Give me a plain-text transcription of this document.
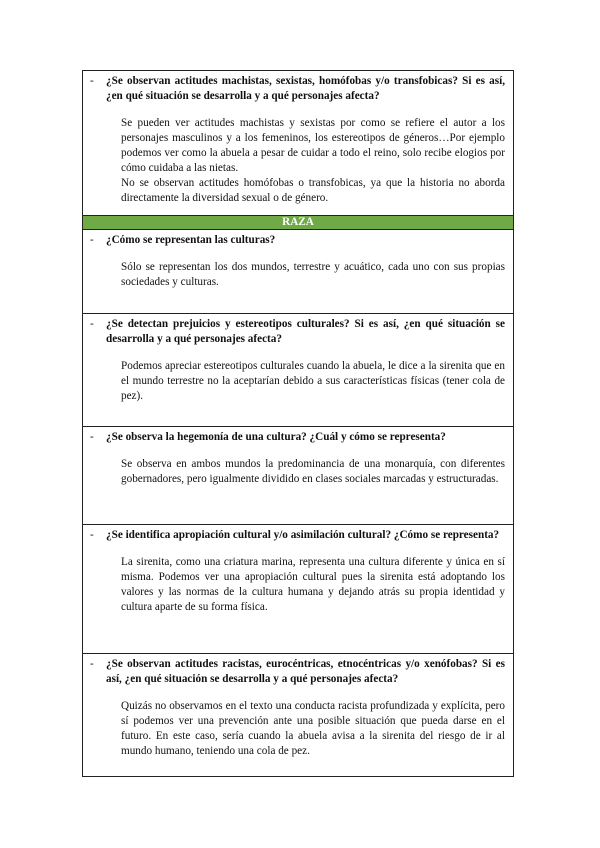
-	¿Se observan actitudes machistas, sexistas, homófobas y/o transfobicas? Si es así, ¿en qué situación se desarrolla y a qué personajes afecta?

Se pueden ver actitudes machistas y sexistas por como se refiere el autor a los personajes masculinos y a los femeninos, los estereotipos de géneros…Por ejemplo podemos ver como la abuela a pesar de cuidar a todo el reino, solo recibe elogios por cómo cuidaba a las nietas.

No se observan actitudes homófobas o transfobicas, ya que la historia no aborda directamente la diversidad sexual o de género.

RAZA
-	¿Cómo se representan las culturas?

Sólo se representan los dos mundos, terrestre y acuático, cada uno con sus propias sociedades y culturas.

-	¿Se detectan prejuicios y estereotipos culturales? Si es así, ¿en qué situación se desarrolla y a qué personajes afecta?

Podemos apreciar estereotipos culturales cuando la abuela, le dice a la sirenita que en el mundo terrestre no la aceptarían debido a sus características físicas (tener cola de pez).

-	¿Se observa la hegemonía de una cultura? ¿Cuál y cómo se representa?

Se observa en ambos mundos la predominancia de una monarquía, con diferentes gobernadores, pero igualmente dividido en clases sociales marcadas y estructuradas.

-	¿Se identifica apropiación cultural y/o asimilación cultural? ¿Cómo se representa?

La sirenita, como una criatura marina, representa una cultura diferente y única en sí misma. Podemos ver una apropiación cultural pues la sirenita está adoptando los valores y las normas de la cultura humana y dejando atrás su propia identidad y cultura aparte de su forma física.

-	¿Se observan actitudes racistas, eurocéntricas, etnocéntricas y/o xenófobas? Si es así, ¿en qué situación se desarrolla y a qué personajes afecta?

Quizás no observamos en el texto una conducta racista profundizada y explícita, pero sí podemos ver una prevención ante una posible situación que pueda darse en el futuro. En este caso, sería cuando la abuela avisa a la sirenita del riesgo de ir al mundo humano, teniendo una cola de pez.
